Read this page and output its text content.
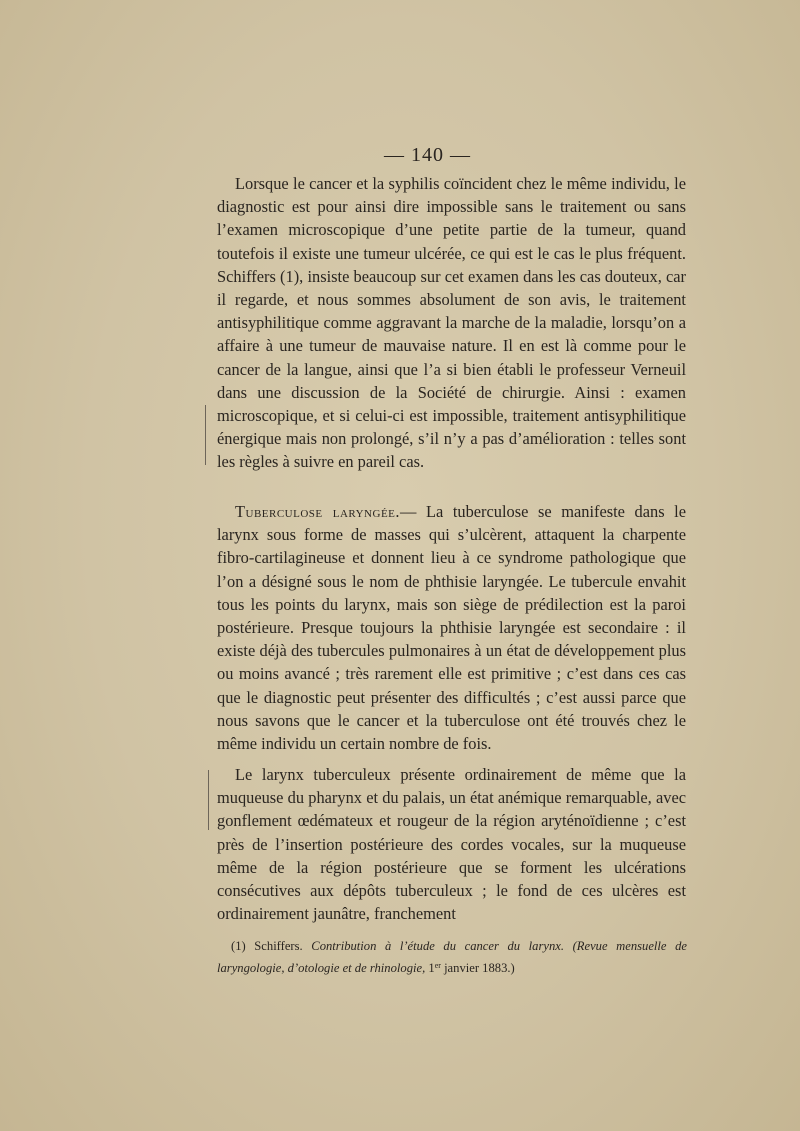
— 140 —

Lorsque le cancer et la syphilis coïncident chez le même individu, le diagnostic est pour ainsi dire impossible sans le traitement ou sans l’examen microscopique d’une petite partie de la tumeur, quand toutefois il existe une tumeur ulcérée, ce qui est le cas le plus fréquent. Schiffers (1), insiste beaucoup sur cet examen dans les cas douteux, car il regarde, et nous sommes absolument de son avis, le traitement antisyphilitique comme aggravant la marche de la maladie, lorsqu’on a affaire à une tumeur de mauvaise nature. Il en est là comme pour le cancer de la langue, ainsi que l’a si bien établi le professeur Verneuil dans une discussion de la Société de chirurgie. Ainsi : examen microscopique, et si celui-ci est impossible, traitement antisyphilitique énergique mais non prolongé, s’il n’y a pas d’amélioration : telles sont les règles à suivre en pareil cas.

Tuberculose laryngée.— La tuberculose se manifeste dans le larynx sous forme de masses qui s’ulcèrent, attaquent la charpente fibro-cartilagineuse et donnent lieu à ce syndrome pathologique que l’on a désigné sous le nom de phthisie laryngée. Le tubercule envahit tous les points du larynx, mais son siège de prédilection est la paroi postérieure. Presque toujours la phthisie laryngée est secondaire : il existe déjà des tubercules pulmonaires à un état de développement plus ou moins avancé ; très rarement elle est primitive ; c’est dans ces cas que le diagnostic peut présenter des difficultés ; c’est aussi parce que nous savons que le cancer et la tuberculose ont été trouvés chez le même individu un certain nombre de fois.

Le larynx tuberculeux présente ordinairement de même que la muqueuse du pharynx et du palais, un état anémique remarquable, avec gonflement œdémateux et rougeur de la région aryténoïdienne ; c’est près de l’insertion postérieure des cordes vocales, sur la muqueuse même de la région postérieure que se forment les ulcérations consécutives aux dépôts tuberculeux ; le fond de ces ulcères est ordinairement jaunâtre, franchement

(1) Schiffers. Contribution à l’étude du cancer du larynx. (Revue mensuelle de laryngologie, d’otologie et de rhinologie, 1er janvier 1883.)
